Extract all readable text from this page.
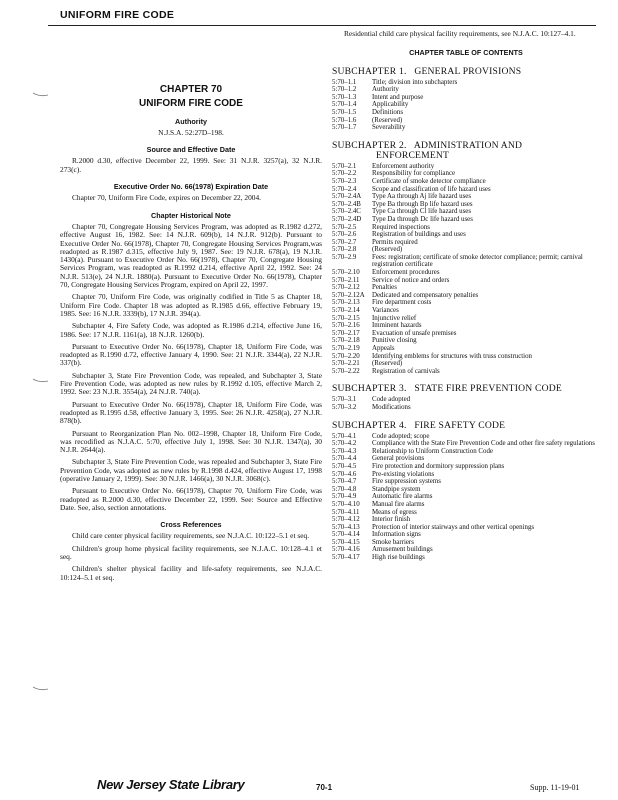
UNIFORM FIRE CODE
CHAPTER 70
UNIFORM FIRE CODE
Authority

N.J.S.A. 52:27D–198.

Source and Effective Date

R.2000 d.30, effective December 22, 1999. See: 31 N.J.R. 3257(a), 32 N.J.R. 273(c).

Executive Order No. 66(1978) Expiration Date

Chapter 70, Uniform Fire Code, expires on December 22, 2004.

Chapter Historical Note

Chapter 70, Congregate Housing Services Program, was adopted as R.1982 d.272, effective August 16, 1982. See: 14 N.J.R. 609(b), 14 N.J.R. 912(b). Pursuant to Executive Order No. 66(1978), Chapter 70, Congregate Housing Services Program,was readopted as R.1987 d.315, effective July 9, 1987. See: 19 N.J.R. 678(a), 19 N.J.R. 1430(a). Pursuant to Executive Order No. 66(1978), Chapter 70, Congregate Housing Services Program, was readopted as R.1992 d.214, effective April 22, 1992. See: 24 N.J.R. 513(e), 24 N.J.R. 1880(a). Pursuant to Executive Order No. 66(1978), Chapter 70, Congregate Housing Services Program, expired on April 22, 1997.

Chapter 70, Uniform Fire Code, was originally codified in Title 5 as Chapter 18, Uniform Fire Code. Chapter 18 was adopted as R.1985 d.66, effective February 19, 1985. See: 16 N.J.R. 3339(b), 17 N.J.R. 394(a).

Subchapter 4, Fire Safety Code, was adopted as R.1986 d.214, effective June 16, 1986. See: 17 N.J.R. 1161(a), 18 N.J.R. 1260(b).

Pursuant to Executive Order No. 66(1978), Chapter 18, Uniform Fire Code, was readopted as R.1990 d.72, effective January 4, 1990. See: 21 N.J.R. 3344(a), 22 N.J.R. 337(b).

Subchapter 3, State Fire Prevention Code, was repealed, and Subchapter 3, State Fire Prevention Code, was adopted as new rules by R.1992 d.105, effective March 2, 1992. See: 23 N.J.R. 3554(a), 24 N.J.R. 740(a).

Pursuant to Executive Order No. 66(1978), Chapter 18, Uniform Fire Code, was readopted as R.1995 d.58, effective January 3, 1995. See: 26 N.J.R. 4258(a), 27 N.J.R. 878(b).

Pursuant to Reorganization Plan No. 002–1998, Chapter 18, Uniform Fire Code, was recodified as N.J.A.C. 5:70, effective July 1, 1998. See: 30 N.J.R. 1347(a), 30 N.J.R. 2644(a).

Subchapter 3, State Fire Prevention Code, was repealed and Subchapter 3, State Fire Prevention Code, was adopted as new rules by R.1998 d.424, effective August 17, 1998 (operative January 2, 1999). See: 30 N.J.R. 1466(a), 30 N.J.R. 3068(c).

Pursuant to Executive Order No. 66(1978), Chapter 70, Uniform Fire Code, was readopted as R.2000 d.30, effective December 22, 1999. See: Source and Effective Date. See, also, section annotations.

Cross References

Child care center physical facility requirements, see N.J.A.C. 10:122–5.1 et seq.

Children's group home physical facility requirements, see N.J.A.C. 10:128–4.1 et seq.

Children's shelter physical facility and life-safety requirements, see N.J.A.C. 10:124–5.1 et seq.

Residential child care physical facility requirements, see N.J.A.C. 10:127–4.1.

CHAPTER TABLE OF CONTENTS
SUBCHAPTER 1.   GENERAL PROVISIONS
5:70–1.1	Title; division into subchapters
5:70–1.2	Authority
5:70–1.3	Intent and purpose
5:70–1.4	Applicability
5:70–1.5	Definitions
5:70–1.6	(Reserved)
5:70–1.7	Severability
SUBCHAPTER 2.   ADMINISTRATION AND
ENFORCEMENT
5:70–2.1	Enforcement authority
5:70–2.2	Responsibility for compliance
5:70–2.3	Certificate of smoke detector compliance
5:70–2.4	Scope and classification of life hazard uses
5:70–2.4A	Type Aa through Aj life hazard uses
5:70–2.4B	Type Ba through Bp life hazard uses
5:70–2.4C	Type Ca through Cl life hazard uses
5:70–2.4D	Type Da through Dc life hazard uses
5:70–2.5	Required inspections
5:70–2.6	Registration of buildings and uses
5:70–2.7	Permits required
5:70–2.8	(Reserved)
5:70–2.9	Fees: registration; certificate of smoke detector compliance; permit; carnival registration certificate
5:70–2.10	Enforcement procedures
5:70–2.11	Service of notice and orders
5:70–2.12	Penalties
5:70–2.12A	Dedicated and compensatory penalties
5:70–2.13	Fire department costs
5:70–2.14	Variances
5:70–2.15	Injunctive relief
5:70–2.16	Imminent hazards
5:70–2.17	Evacuation of unsafe premises
5:70–2.18	Punitive closing
5:70–2.19	Appeals
5:70–2.20	Identifying emblems for structures with truss construction
5:70–2.21	(Reserved)
5:70–2.22	Registration of carnivals
SUBCHAPTER 3.   STATE FIRE PREVENTION CODE
5:70–3.1	Code adopted
5:70–3.2	Modifications
SUBCHAPTER 4.   FIRE SAFETY CODE
5:70–4.1	Code adopted; scope
5:70–4.2	Compliance with the State Fire Prevention Code and other fire safety regulations
5:70–4.3	Relationship to Uniform Construction Code
5:70–4.4	General provisions
5:70–4.5	Fire protection and dormitory suppression plans
5:70–4.6	Pre-existing violations
5:70–4.7	Fire suppression systems
5:70–4.8	Standpipe system
5:70–4.9	Automatic fire alarms
5:70–4.10	Manual fire alarms
5:70–4.11	Means of egress
5:70–4.12	Interior finish
5:70–4.13	Protection of interior stairways and other vertical openings
5:70–4.14	Information signs
5:70–4.15	Smoke barriers
5:70–4.16	Amusement buildings
5:70–4.17	High rise buildings
New Jersey State Library	70-1	Supp. 11-19-01
